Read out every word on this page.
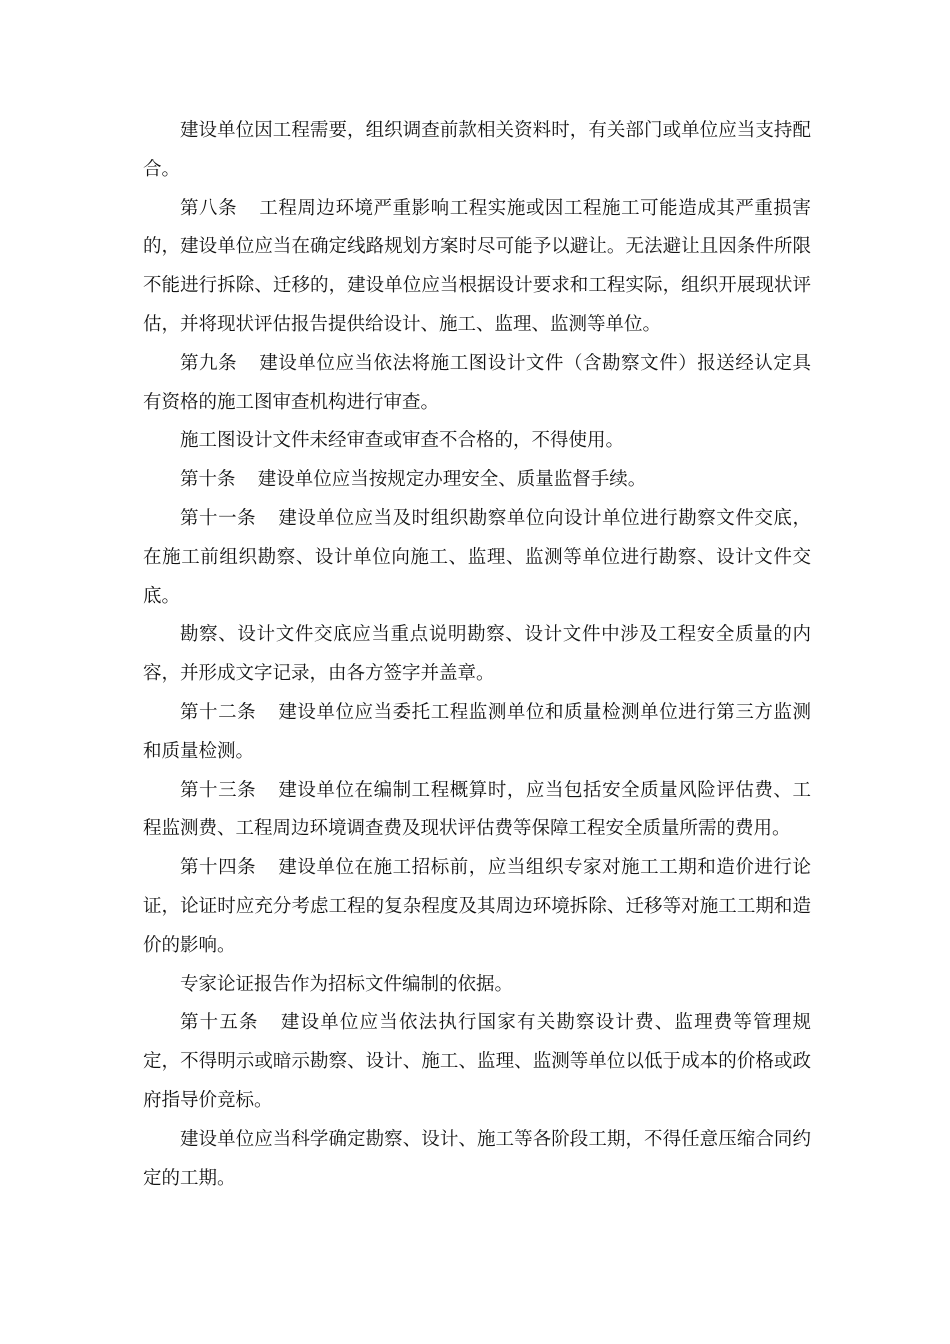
建设单位因工程需要，组织调查前款相关资料时，有关部门或单位应当支持配合。

第八条 工程周边环境严重影响工程实施或因工程施工可能造成其严重损害的，建设单位应当在确定线路规划方案时尽可能予以避让。无法避让且因条件所限不能进行拆除、迁移的，建设单位应当根据设计要求和工程实际，组织开展现状评估，并将现状评估报告提供给设计、施工、监理、监测等单位。

第九条 建设单位应当依法将施工图设计文件（含勘察文件）报送经认定具有资格的施工图审查机构进行审查。

施工图设计文件未经审查或审查不合格的，不得使用。

第十条 建设单位应当按规定办理安全、质量监督手续。

第十一条 建设单位应当及时组织勘察单位向设计单位进行勘察文件交底，在施工前组织勘察、设计单位向施工、监理、监测等单位进行勘察、设计文件交底。

勘察、设计文件交底应当重点说明勘察、设计文件中涉及工程安全质量的内容，并形成文字记录，由各方签字并盖章。

第十二条 建设单位应当委托工程监测单位和质量检测单位进行第三方监测和质量检测。

第十三条 建设单位在编制工程概算时，应当包括安全质量风险评估费、工程监测费、工程周边环境调查费及现状评估费等保障工程安全质量所需的费用。

第十四条 建设单位在施工招标前，应当组织专家对施工工期和造价进行论证，论证时应充分考虑工程的复杂程度及其周边环境拆除、迁移等对施工工期和造价的影响。

专家论证报告作为招标文件编制的依据。

第十五条 建设单位应当依法执行国家有关勘察设计费、监理费等管理规定，不得明示或暗示勘察、设计、施工、监理、监测等单位以低于成本的价格或政府指导价竞标。

建设单位应当科学确定勘察、设计、施工等各阶段工期，不得任意压缩合同约定的工期。
